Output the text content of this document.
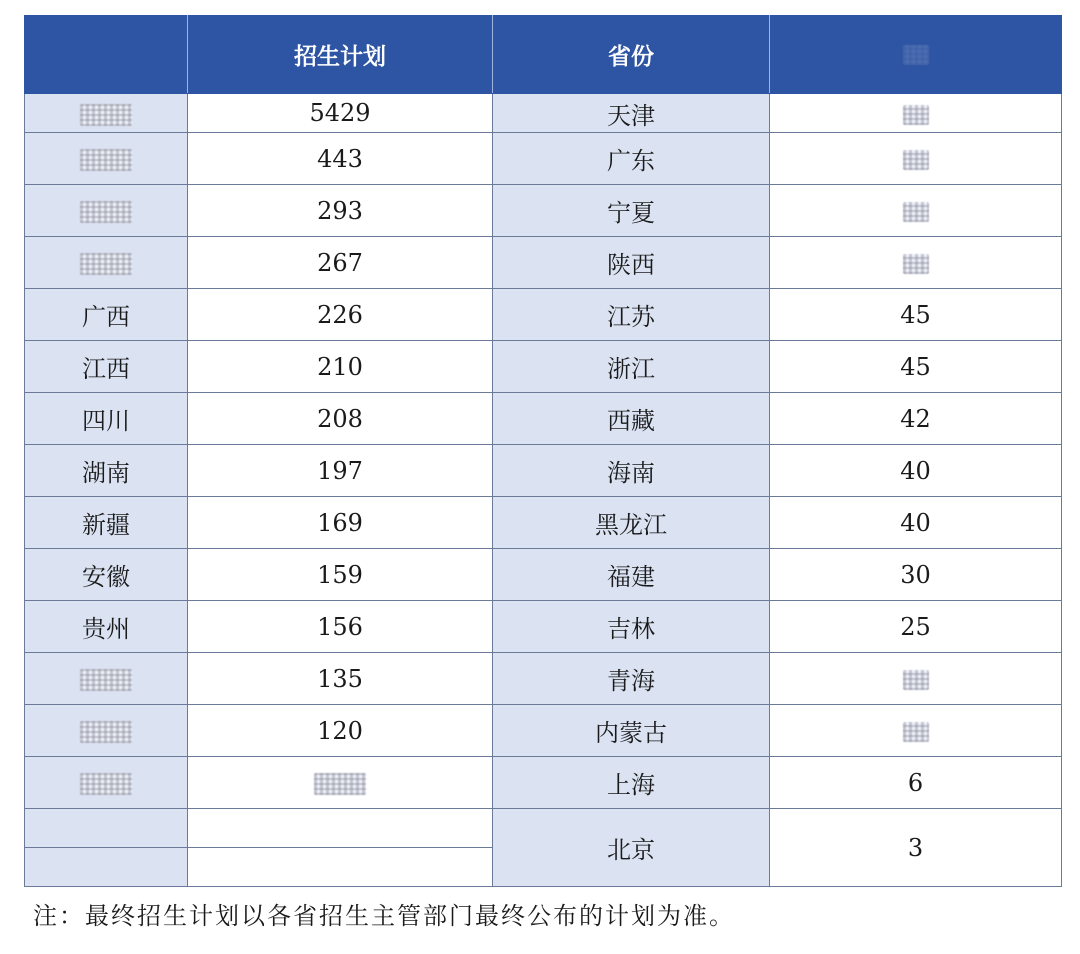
	招生计划	省份	
	5429	天津	
	443	广东	
	293	宁夏	
	267	陕西	
广西	226	江苏	45
江西	210	浙江	45
四川	208	西藏	42
湖南	197	海南	40
新疆	169	黑龙江	40
安徽	159	福建	30
贵州	156	吉林	25
	135	青海	
	120	内蒙古	
		上海	6
		北京	3

注：最终招生计划以各省招生主管部门最终公布的计划为准。
